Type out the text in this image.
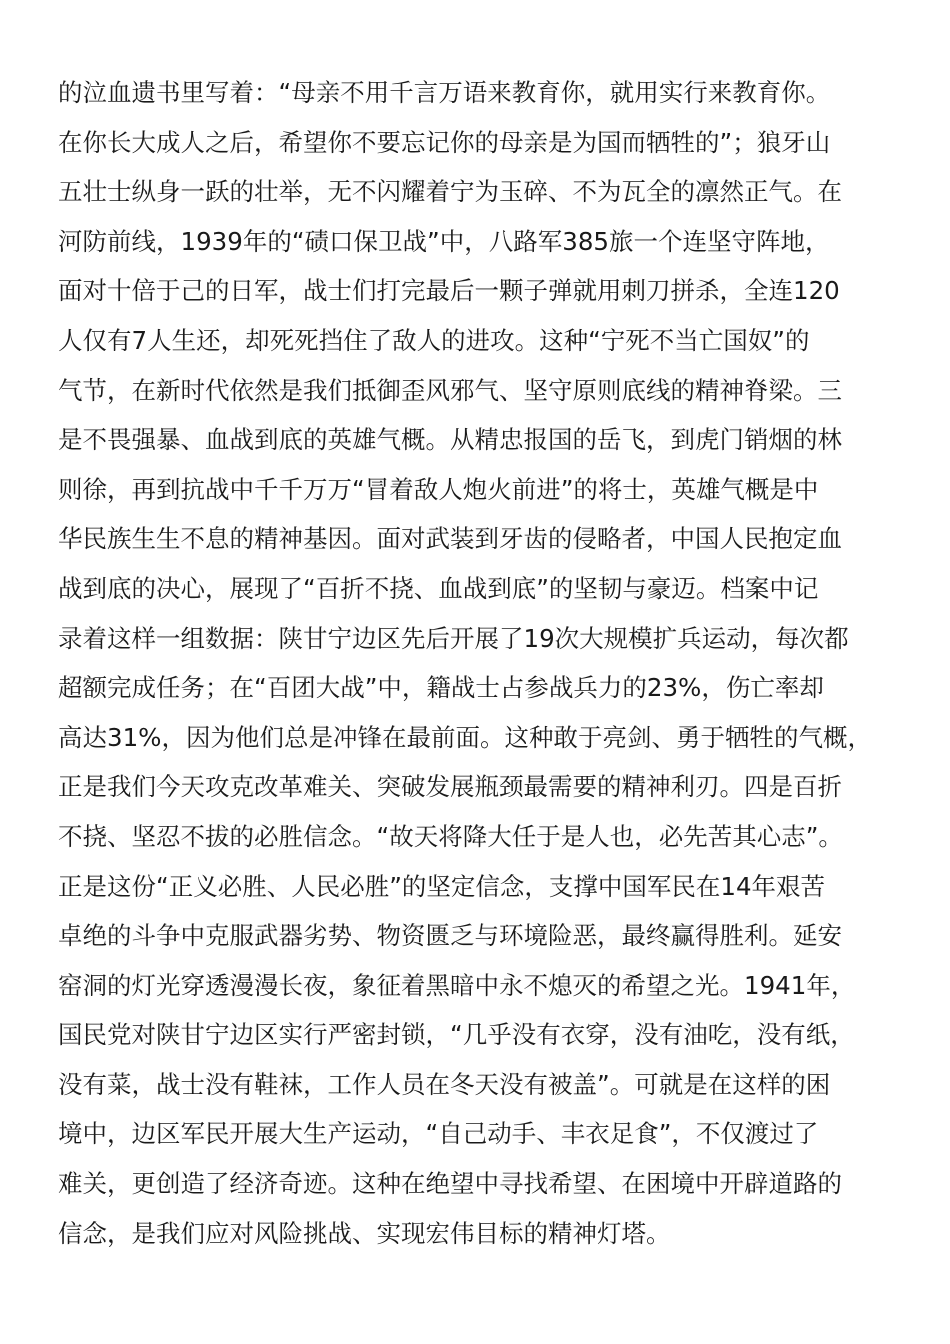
的泣血遗书里写着：“母亲不用千言万语来教育你，就用实行来教育你。
在你长大成人之后，希望你不要忘记你的母亲是为国而牺牲的”；狼牙山
五壮士纵身一跃的壮举，无不闪耀着宁为玉碎、不为瓦全的凛然正气。在
河防前线，1939年的“碛口保卫战”中，八路军385旅一个连坚守阵地，
面对十倍于己的日军，战士们打完最后一颗子弹就用刺刀拼杀，全连120
人仅有7人生还，却死死挡住了敌人的进攻。这种“宁死不当亡国奴”的
气节，在新时代依然是我们抵御歪风邪气、坚守原则底线的精神脊梁。三
是不畏强暴、血战到底的英雄气概。从精忠报国的岳飞，到虎门销烟的林
则徐，再到抗战中千千万万“冒着敌人炮火前进”的将士，英雄气概是中
华民族生生不息的精神基因。面对武装到牙齿的侵略者，中国人民抱定血
战到底的决心，展现了“百折不挠、血战到底”的坚韧与豪迈。档案中记
录着这样一组数据：陕甘宁边区先后开展了19次大规模扩兵运动，每次都
超额完成任务；在“百团大战”中，籍战士占参战兵力的23%，伤亡率却
高达31%，因为他们总是冲锋在最前面。这种敢于亮剑、勇于牺牲的气概，
正是我们今天攻克改革难关、突破发展瓶颈最需要的精神利刃。四是百折
不挠、坚忍不拔的必胜信念。“故天将降大任于是人也，必先苦其心志”。
正是这份“正义必胜、人民必胜”的坚定信念，支撑中国军民在14年艰苦
卓绝的斗争中克服武器劣势、物资匮乏与环境险恶，最终赢得胜利。延安
窑洞的灯光穿透漫漫长夜，象征着黑暗中永不熄灭的希望之光。1941年，
国民党对陕甘宁边区实行严密封锁，“几乎没有衣穿，没有油吃，没有纸，
没有菜，战士没有鞋袜，工作人员在冬天没有被盖”。可就是在这样的困
境中，边区军民开展大生产运动，“自己动手、丰衣足食”，不仅渡过了
难关，更创造了经济奇迹。这种在绝望中寻找希望、在困境中开辟道路的
信念，是我们应对风险挑战、实现宏伟目标的精神灯塔。
